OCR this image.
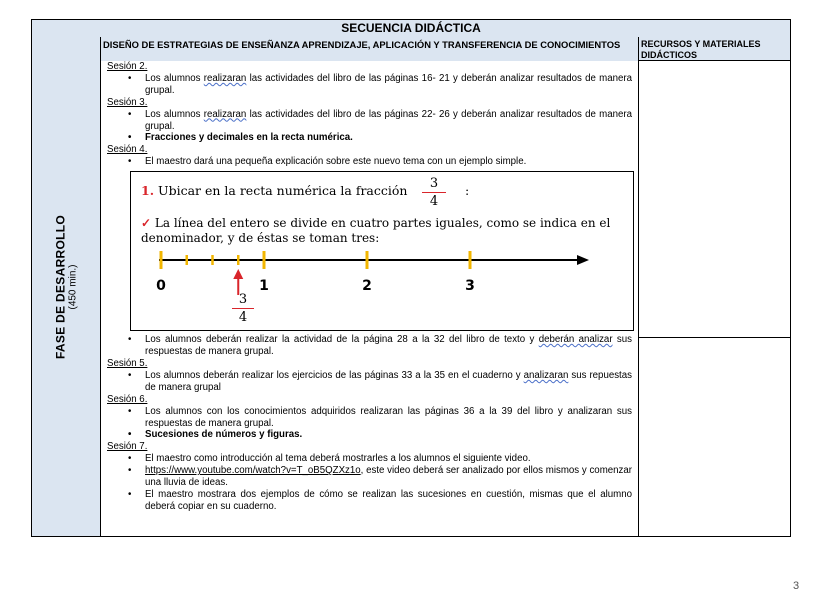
SECUENCIA DIDÁCTICA
FASE DE DESARROLLO (450 min.)
DISEÑO DE ESTRATEGIAS DE ENSEÑANZA APRENDIZAJE, APLICACIÓN Y TRANSFERENCIA DE CONOCIMIENTOS
Sesión 2.
• Los alumnos realizaran las actividades del libro de las páginas 16- 21 y deberán analizar resultados de manera grupal.
Sesión 3.
• Los alumnos realizaran las actividades del libro de las páginas 22- 26 y deberán analizar resultados de manera grupal.
• Fracciones y decimales en la recta numérica.
Sesión 4.
• El maestro dará una pequeña explicación sobre este nuevo tema con un ejemplo simple.
1. Ubicar en la recta numérica la fracción	3
4
:
✓ La línea del entero se divide en cuatro partes iguales, como se indica en el denominador, y de éstas se toman tres:
0	1	2	3
3
4
• Los alumnos deberán realizar la actividad de la página 28 a la 32 del libro de texto y deberán analizar sus respuestas de manera grupal.
Sesión 5.
• Los alumnos deberán realizar los ejercicios de las páginas 33 a la 35 en el cuaderno y analizaran sus repuestas de manera grupal
Sesión 6.
• Los alumnos con los conocimientos adquiridos realizaran las páginas 36 a la 39 del libro y analizaran sus respuestas de manera grupal.
• Sucesiones de números y figuras.
Sesión 7.
• El maestro como introducción al tema deberá mostrarles a los alumnos el siguiente video.
• https://www.youtube.com/watch?v=T_oB5QZXz1o, este video deberá ser analizado por ellos mismos y comenzar una lluvia de ideas.
• El maestro mostrara dos ejemplos de cómo se realizan las sucesiones en cuestión, mismas que el alumno deberá copiar en su cuaderno.
RECURSOS Y MATERIALES DIDÁCTICOS
3
